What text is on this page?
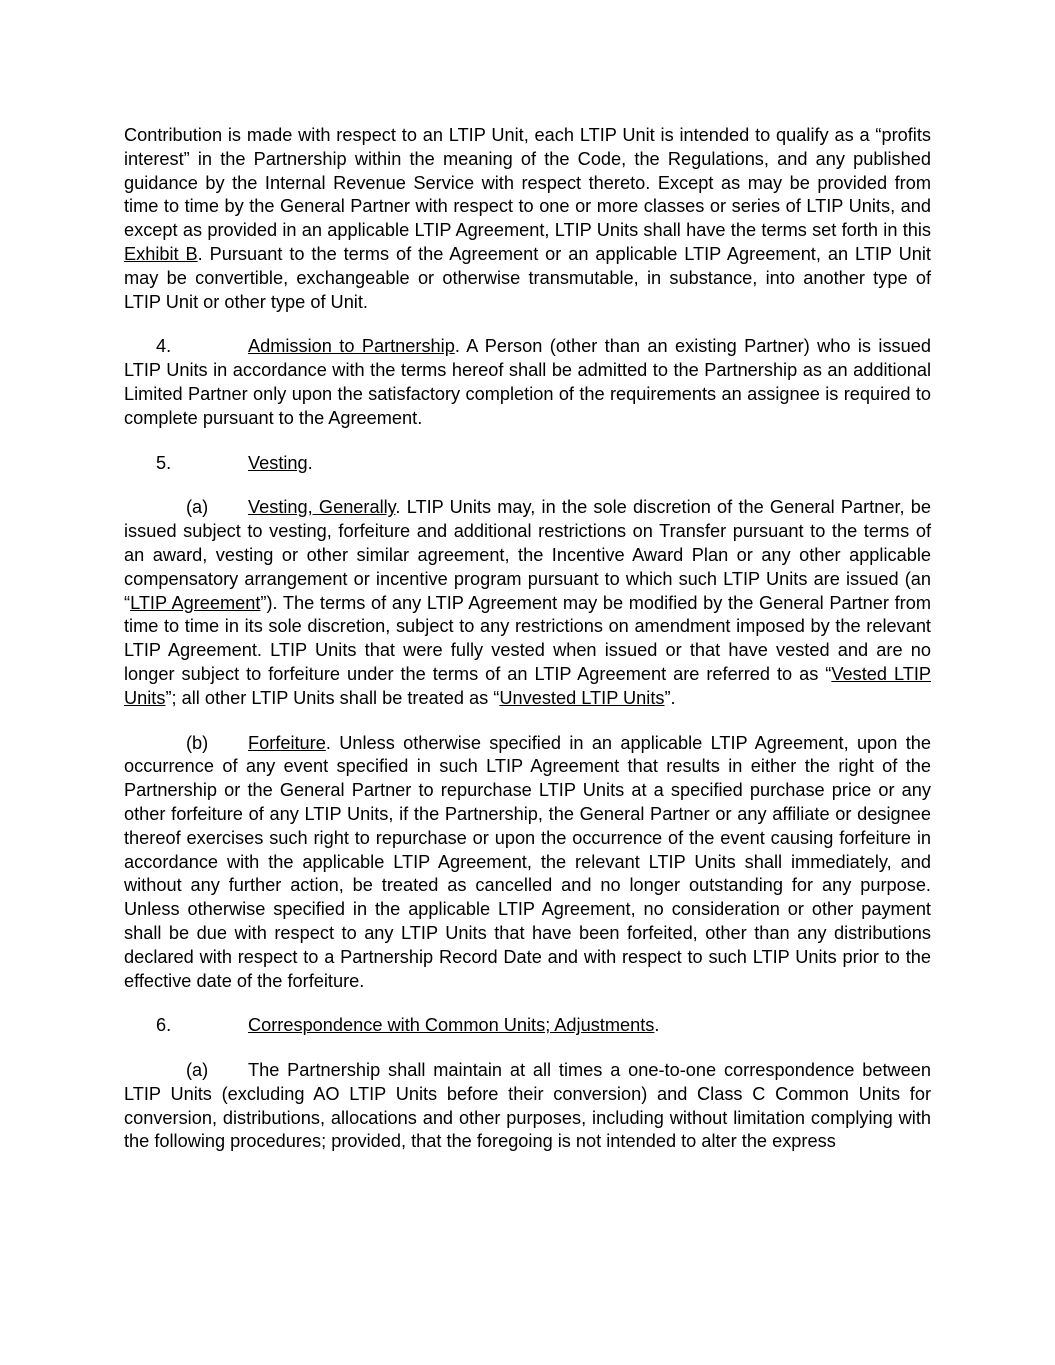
Contribution is made with respect to an LTIP Unit, each LTIP Unit is intended to qualify as a “profits interest” in the Partnership within the meaning of the Code, the Regulations, and any published guidance by the Internal Revenue Service with respect thereto. Except as may be provided from time to time by the General Partner with respect to one or more classes or series of LTIP Units, and except as provided in an applicable LTIP Agreement, LTIP Units shall have the terms set forth in this Exhibit B. Pursuant to the terms of the Agreement or an applicable LTIP Agreement, an LTIP Unit may be convertible, exchangeable or otherwise transmutable, in substance, into another type of LTIP Unit or other type of Unit.

4.	Admission to Partnership. A Person (other than an existing Partner) who is issued LTIP Units in accordance with the terms hereof shall be admitted to the Partnership as an additional Limited Partner only upon the satisfactory completion of the requirements an assignee is required to complete pursuant to the Agreement.

5.	Vesting.

(a) Vesting, Generally. LTIP Units may, in the sole discretion of the General Partner, be issued subject to vesting, forfeiture and additional restrictions on Transfer pursuant to the terms of an award, vesting or other similar agreement, the Incentive Award Plan or any other applicable compensatory arrangement or incentive program pursuant to which such LTIP Units are issued (an “LTIP Agreement”). The terms of any LTIP Agreement may be modified by the General Partner from time to time in its sole discretion, subject to any restrictions on amendment imposed by the relevant LTIP Agreement. LTIP Units that were fully vested when issued or that have vested and are no longer subject to forfeiture under the terms of an LTIP Agreement are referred to as “Vested LTIP Units”; all other LTIP Units shall be treated as “Unvested LTIP Units”.

(b) Forfeiture. Unless otherwise specified in an applicable LTIP Agreement, upon the occurrence of any event specified in such LTIP Agreement that results in either the right of the Partnership or the General Partner to repurchase LTIP Units at a specified purchase price or any other forfeiture of any LTIP Units, if the Partnership, the General Partner or any affiliate or designee thereof exercises such right to repurchase or upon the occurrence of the event causing forfeiture in accordance with the applicable LTIP Agreement, the relevant LTIP Units shall immediately, and without any further action, be treated as cancelled and no longer outstanding for any purpose. Unless otherwise specified in the applicable LTIP Agreement, no consideration or other payment shall be due with respect to any LTIP Units that have been forfeited, other than any distributions declared with respect to a Partnership Record Date and with respect to such LTIP Units prior to the effective date of the forfeiture.

6.	Correspondence with Common Units; Adjustments.

(a) The Partnership shall maintain at all times a one-to-one correspondence between LTIP Units (excluding AO LTIP Units before their conversion) and Class C Common Units for conversion, distributions, allocations and other purposes, including without limitation complying with the following procedures; provided, that the foregoing is not intended to alter the express
